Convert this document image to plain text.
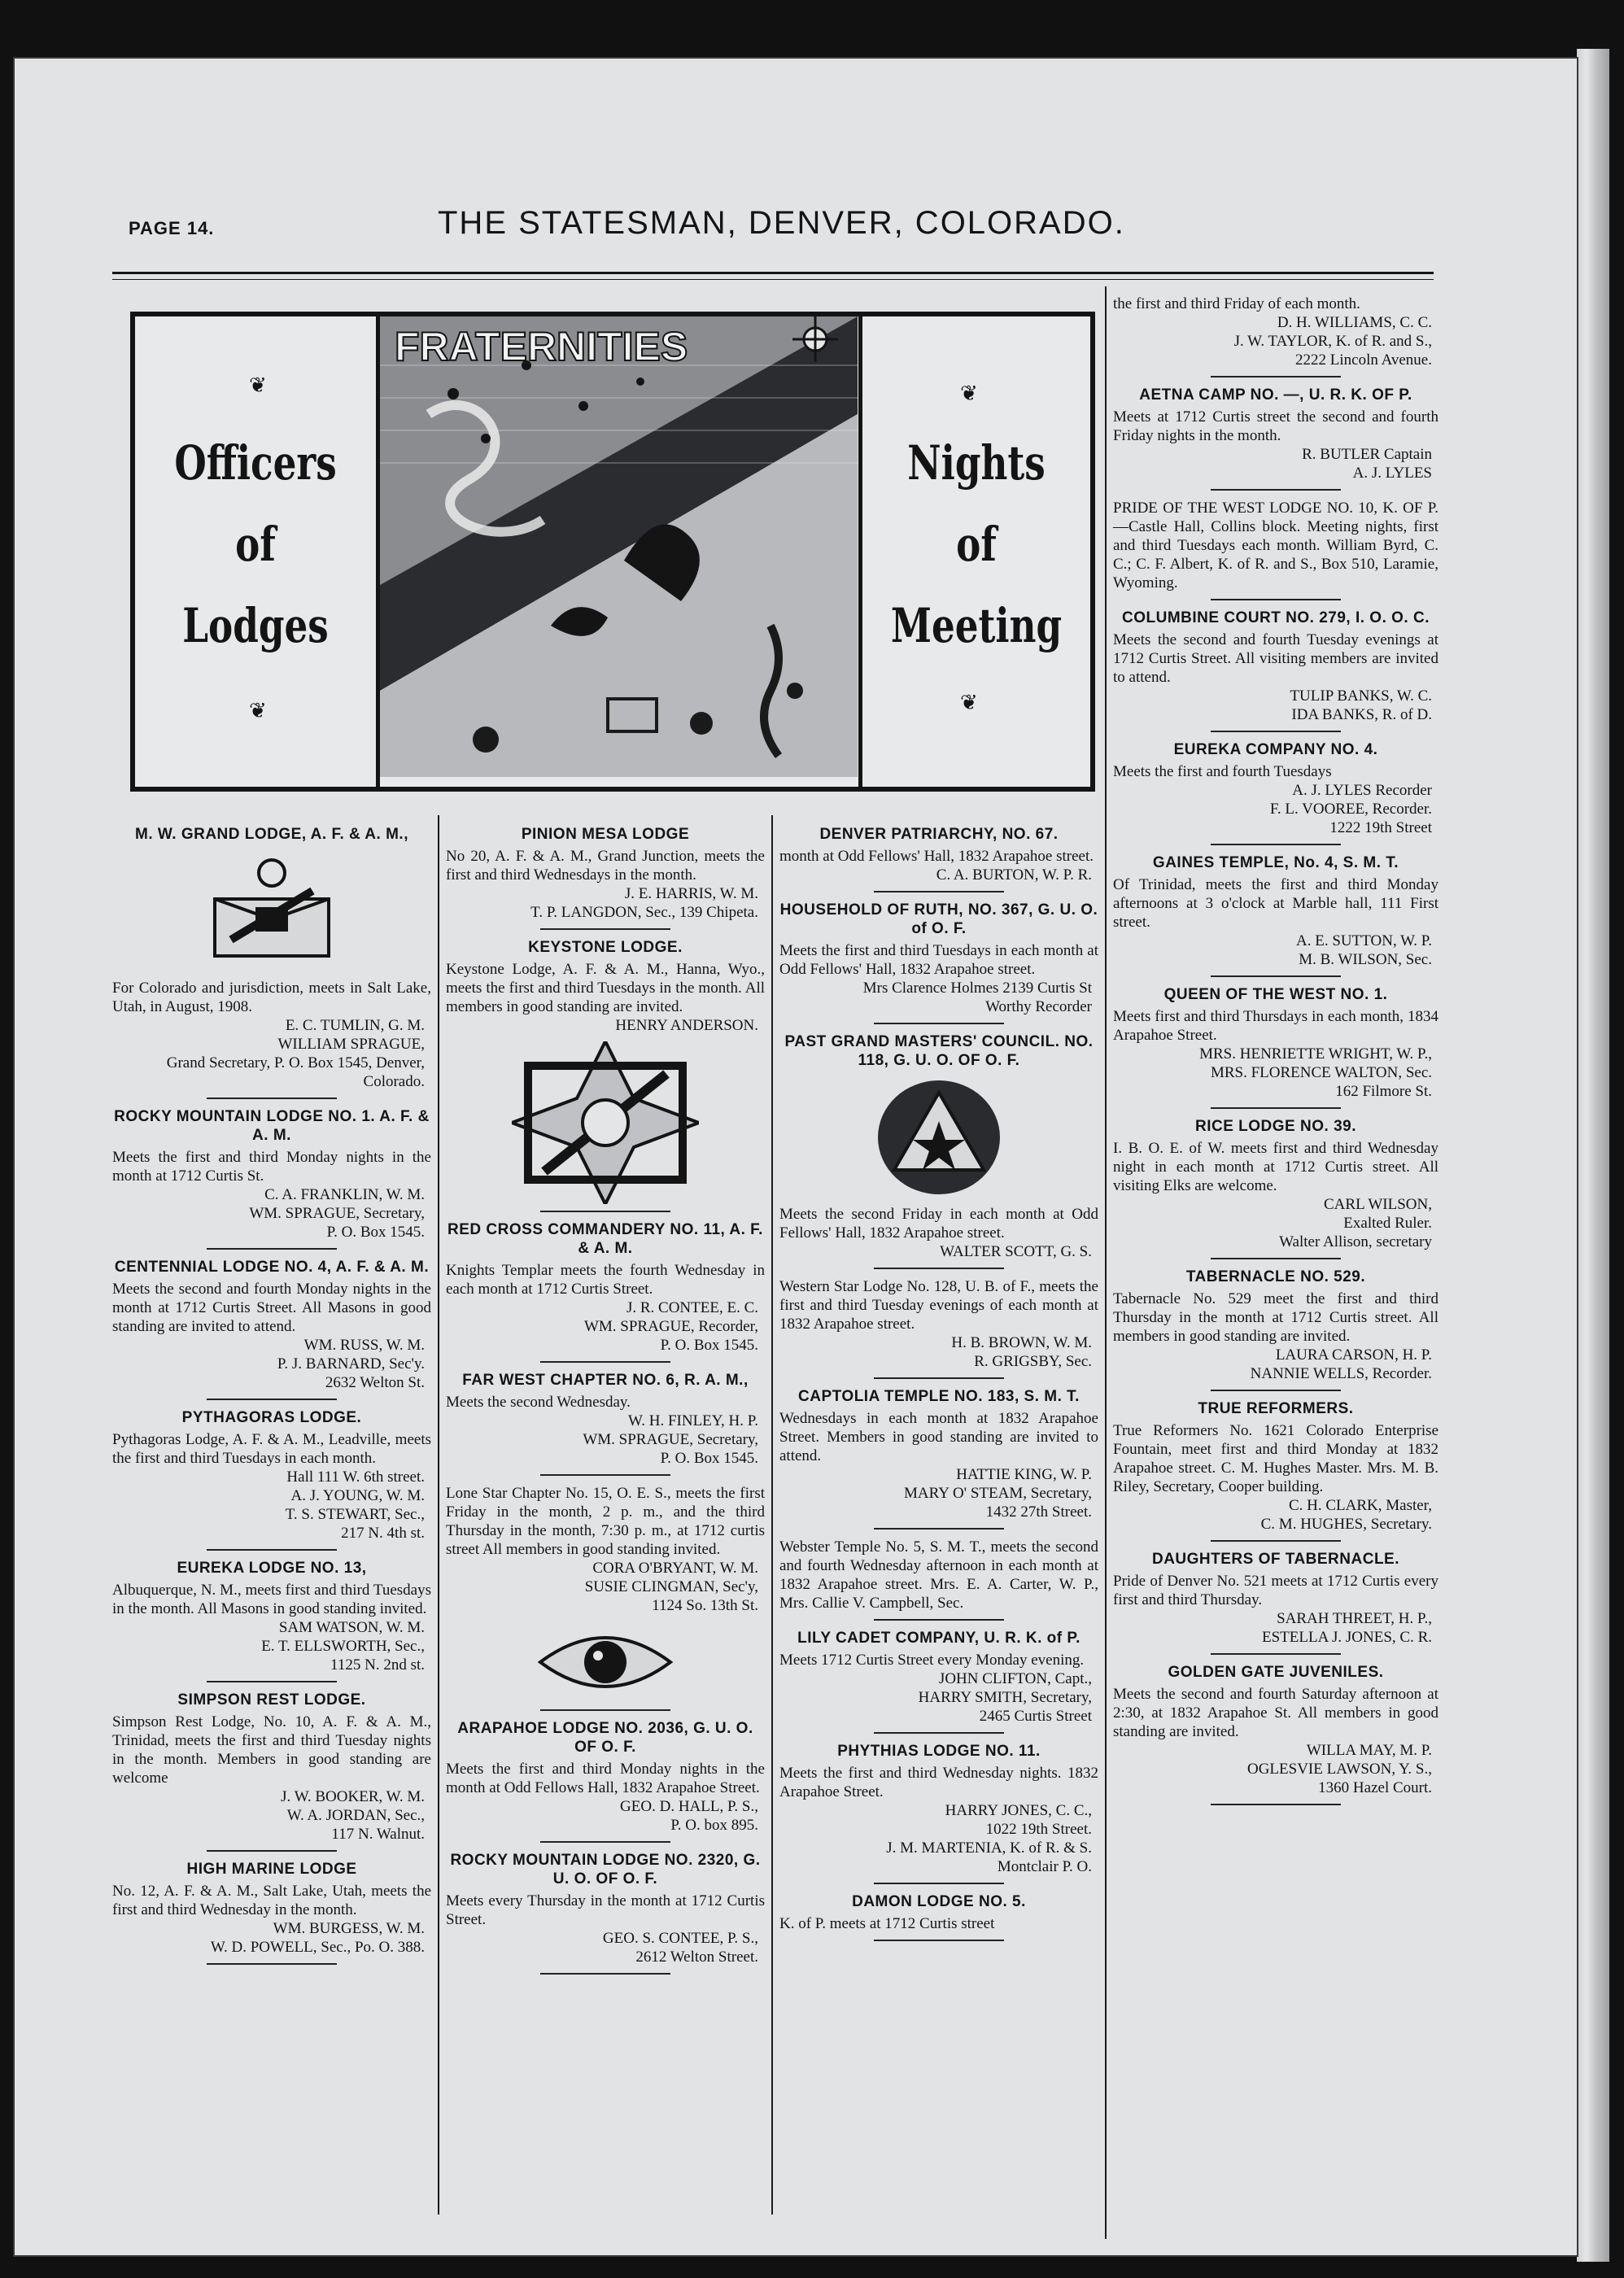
PAGE 14.	THE STATESMAN, DENVER, COLORADO.
❦
Officers
of
Lodges
❦
FRATERNITIES
❦
Nights
of
Meeting
❦
M. W. GRAND LODGE, A. F. & A. M.,

For Colorado and jurisdiction, meets in Salt Lake, Utah, in August, 1908.

E. C. TUMLIN, G. M.

WILLIAM SPRAGUE,

Grand Secretary, P. O. Box 1545, Denver, Colorado.

ROCKY MOUNTAIN LODGE NO. 1. A. F. & A. M.

Meets the first and third Monday nights in the month at 1712 Curtis St.

C. A. FRANKLIN, W. M.

WM. SPRAGUE, Secretary,

P. O. Box 1545.

CENTENNIAL LODGE NO. 4, A. F. & A. M.

Meets the second and fourth Monday nights in the month at 1712 Curtis Street. All Masons in good standing are invited to attend.

WM. RUSS, W. M.

P. J. BARNARD, Sec'y.

2632 Welton St.

PYTHAGORAS LODGE.

Pythagoras Lodge, A. F. & A. M., Leadville, meets the first and third Tuesdays in each month.

Hall 111 W. 6th street.

A. J. YOUNG, W. M.

T. S. STEWART, Sec.,

217 N. 4th st.

EUREKA LODGE NO. 13,

Albuquerque, N. M., meets first and third Tuesdays in the month. All Masons in good standing invited.

SAM WATSON, W. M.

E. T. ELLSWORTH, Sec.,

1125 N. 2nd st.

SIMPSON REST LODGE.

Simpson Rest Lodge, No. 10, A. F. & A. M., Trinidad, meets the first and third Tuesday nights in the month. Members in good standing are welcome

J. W. BOOKER, W. M.

W. A. JORDAN, Sec.,

117 N. Walnut.

HIGH MARINE LODGE

No. 12, A. F. & A. M., Salt Lake, Utah, meets the first and third Wednesday in the month.

WM. BURGESS, W. M.

W. D. POWELL, Sec., Po. O. 388.

PINION MESA LODGE

No 20, A. F. & A. M., Grand Junction, meets the first and third Wednesdays in the month.

J. E. HARRIS, W. M.

T. P. LANGDON, Sec., 139 Chipeta.

KEYSTONE LODGE.

Keystone Lodge, A. F. & A. M., Hanna, Wyo., meets the first and third Tuesdays in the month. All members in good standing are invited.

HENRY ANDERSON.

RED CROSS COMMANDERY NO. 11, A. F. & A. M.

Knights Templar meets the fourth Wednesday in each month at 1712 Curtis Street.

J. R. CONTEE, E. C.

WM. SPRAGUE, Recorder,

P. O. Box 1545.

FAR WEST CHAPTER NO. 6, R. A. M.,

Meets the second Wednesday.

W. H. FINLEY, H. P.

WM. SPRAGUE, Secretary,

P. O. Box 1545.

Lone Star Chapter No. 15, O. E. S., meets the first Friday in the month, 2 p. m., and the third Thursday in the month, 7:30 p. m., at 1712 curtis street All members in good standing invited.

CORA O'BRYANT, W. M.

SUSIE CLINGMAN, Sec'y,

1124 So. 13th St.

ARAPAHOE LODGE NO. 2036, G. U. O. OF O. F.

Meets the first and third Monday nights in the month at Odd Fellows Hall, 1832 Arapahoe Street.

GEO. D. HALL, P. S.,

P. O. box 895.

ROCKY MOUNTAIN LODGE NO. 2320, G. U. O. OF O. F.

Meets every Thursday in the month at 1712 Curtis Street.

GEO. S. CONTEE, P. S.,

2612 Welton Street.

DENVER PATRIARCHY, NO. 67.

month at Odd Fellows' Hall, 1832 Arapahoe street.

C. A. BURTON, W. P. R.

HOUSEHOLD OF RUTH, NO. 367, G. U. O. of O. F.

Meets the first and third Tuesdays in each month at Odd Fellows' Hall, 1832 Arapahoe street.

Mrs Clarence Holmes 2139 Curtis St

Worthy Recorder

PAST GRAND MASTERS' COUNCIL. NO. 118, G. U. O. OF O. F.

Meets the second Friday in each month at Odd Fellows' Hall, 1832 Arapahoe street.

WALTER SCOTT, G. S.

Western Star Lodge No. 128, U. B. of F., meets the first and third Tuesday evenings of each month at 1832 Arapahoe street.

H. B. BROWN, W. M.

R. GRIGSBY, Sec.

CAPTOLIA TEMPLE NO. 183, S. M. T.

Wednesdays in each month at 1832 Arapahoe Street. Members in good standing are invited to attend.

HATTIE KING, W. P.

MARY O' STEAM, Secretary,

1432 27th Street.

Webster Temple No. 5, S. M. T., meets the second and fourth Wednesday afternoon in each month at 1832 Arapahoe street. Mrs. E. A. Carter, W. P., Mrs. Callie V. Campbell, Sec.

LILY CADET COMPANY, U. R. K. of P.

Meets 1712 Curtis Street every Monday evening.

JOHN CLIFTON, Capt.,

HARRY SMITH, Secretary,

2465 Curtis Street

PHYTHIAS LODGE NO. 11.

Meets the first and third Wednesday nights. 1832 Arapahoe Street.

HARRY JONES, C. C.,

1022 19th Street.

J. M. MARTENIA, K. of R. & S.

Montclair P. O.

DAMON LODGE NO. 5.

K. of P. meets at 1712 Curtis street

the first and third Friday of each month.

D. H. WILLIAMS, C. C.

J. W. TAYLOR, K. of R. and S.,

2222 Lincoln Avenue.

AETNA CAMP NO. —, U. R. K. OF P.

Meets at 1712 Curtis street the second and fourth Friday nights in the month.

R. BUTLER Captain

A. J. LYLES

PRIDE OF THE WEST LODGE NO. 10, K. OF P.—Castle Hall, Collins block. Meeting nights, first and third Tuesdays each month. William Byrd, C. C.; C. F. Albert, K. of R. and S., Box 510, Laramie, Wyoming.

COLUMBINE COURT NO. 279, I. O. O. C.

Meets the second and fourth Tuesday evenings at 1712 Curtis Street. All visiting members are invited to attend.

TULIP BANKS, W. C.

IDA BANKS, R. of D.

EUREKA COMPANY NO. 4.

Meets the first and fourth Tuesdays

A. J. LYLES Recorder

F. L. VOOREE, Recorder.

1222 19th Street

GAINES TEMPLE, No. 4, S. M. T.

Of Trinidad, meets the first and third Monday afternoons at 3 o'clock at Marble hall, 111 First street.

A. E. SUTTON, W. P.

M. B. WILSON, Sec.

QUEEN OF THE WEST NO. 1.

Meets first and third Thursdays in each month, 1834 Arapahoe Street.

MRS. HENRIETTE WRIGHT, W. P.,

MRS. FLORENCE WALTON, Sec.

162 Filmore St.

RICE LODGE NO. 39.

I. B. O. E. of W. meets first and third Wednesday night in each month at 1712 Curtis street. All visiting Elks are welcome.

CARL WILSON,

Exalted Ruler.

Walter Allison, secretary

TABERNACLE NO. 529.

Tabernacle No. 529 meet the first and third Thursday in the month at 1712 Curtis street. All members in good standing are invited.

LAURA CARSON, H. P.

NANNIE WELLS, Recorder.

TRUE REFORMERS.

True Reformers No. 1621 Colorado Enterprise Fountain, meet first and third Monday at 1832 Arapahoe street. C. M. Hughes Master. Mrs. M. B. Riley, Secretary, Cooper building.

C. H. CLARK, Master,

C. M. HUGHES, Secretary.

DAUGHTERS OF TABERNACLE.

Pride of Denver No. 521 meets at 1712 Curtis every first and third Thursday.

SARAH THREET, H. P.,

ESTELLA J. JONES, C. R.

GOLDEN GATE JUVENILES.

Meets the second and fourth Saturday afternoon at 2:30, at 1832 Arapahoe St. All members in good standing are invited.

WILLA MAY, M. P.

OGLESVIE LAWSON, Y. S.,

1360 Hazel Court.
